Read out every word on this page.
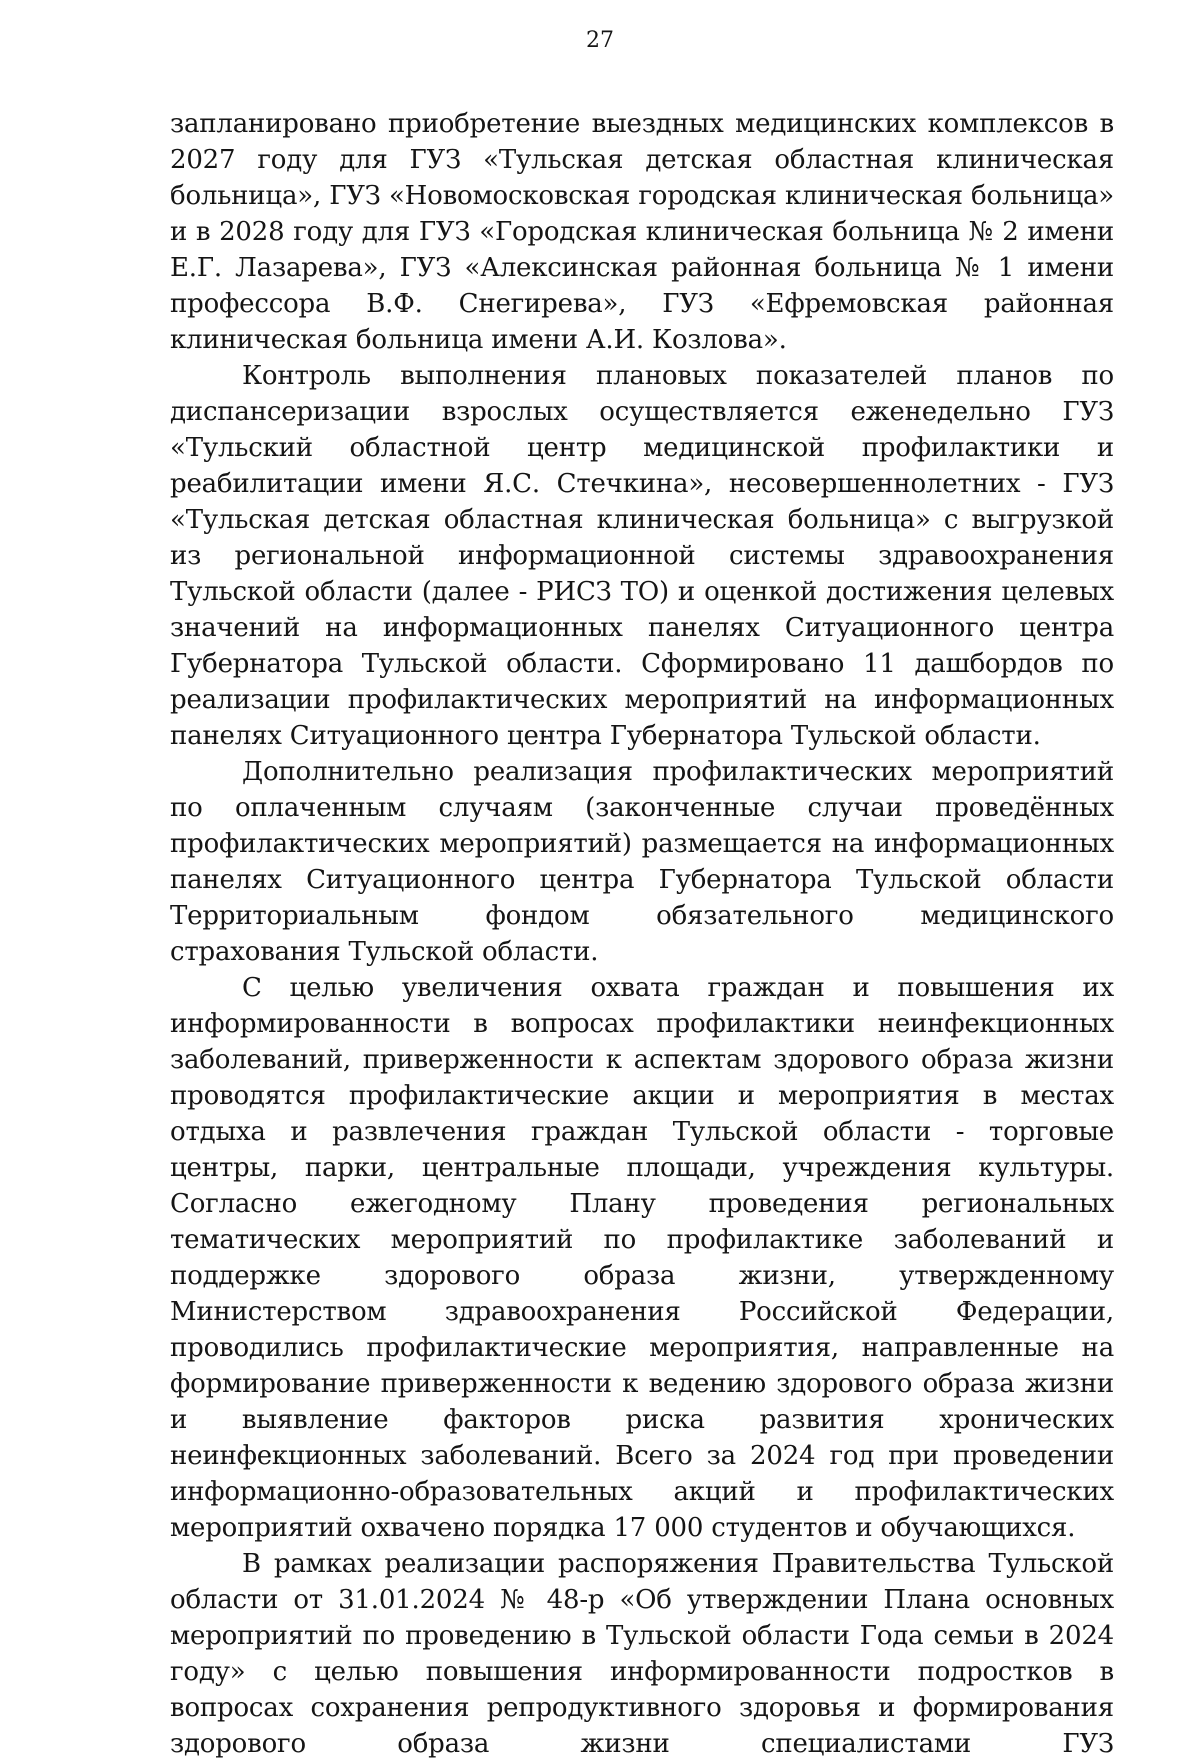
27

запланировано приобретение выездных медицинских комплексов в 2027 году для ГУЗ «Тульская детская областная клиническая больница», ГУЗ «Новомосковская городская клиническая больница» и в 2028 году для ГУЗ «Городская клиническая больница № 2 имени Е.Г. Лазарева», ГУЗ «Алексинская районная больница № 1 имени профессора В.Ф. Снегирева», ГУЗ «Ефремовская районная клиническая больница имени А.И. Козлова».

Контроль выполнения плановых показателей планов по диспансеризации взрослых осуществляется еженедельно ГУЗ «Тульский областной центр медицинской профилактики и реабилитации имени Я.С. Стечкина», несовершеннолетних - ГУЗ «Тульская детская областная клиническая больница» с выгрузкой из региональной информационной системы здравоохранения Тульской области (далее - РИСЗ ТО) и оценкой достижения целевых значений на информационных панелях Ситуационного центра Губернатора Тульской области. Сформировано 11 дашбордов по реализации профилактических мероприятий на информационных панелях Ситуационного центра Губернатора Тульской области.

Дополнительно реализация профилактических мероприятий по оплаченным случаям (законченные случаи проведённых профилактических мероприятий) размещается на информационных панелях Ситуационного центра Губернатора Тульской области Территориальным фондом обязательного медицинского страхования Тульской области.

С целью увеличения охвата граждан и повышения их информированности в вопросах профилактики неинфекционных заболеваний, приверженности к аспектам здорового образа жизни проводятся профилактические акции и мероприятия в местах отдыха и развлечения граждан Тульской области - торговые центры, парки, центральные площади, учреждения культуры. Согласно ежегодному Плану проведения региональных тематических мероприятий по профилактике заболеваний и поддержке здорового образа жизни, утвержденному Министерством здравоохранения Российской Федерации, проводились профилактические мероприятия, направленные на формирование приверженности к ведению здорового образа жизни и выявление факторов риска развития хронических неинфекционных заболеваний. Всего за 2024 год при проведении информационно-образовательных акций и профилактических мероприятий охвачено порядка 17 000 студентов и обучающихся.

В рамках реализации распоряжения Правительства Тульской области от 31.01.2024 № 48-р «Об утверждении Плана основных мероприятий по проведению в Тульской области Года семьи в 2024 году» с целью повышения информированности подростков в вопросах сохранения репродуктивного здоровья и формирования здорового образа жизни специалистами ГУЗ
